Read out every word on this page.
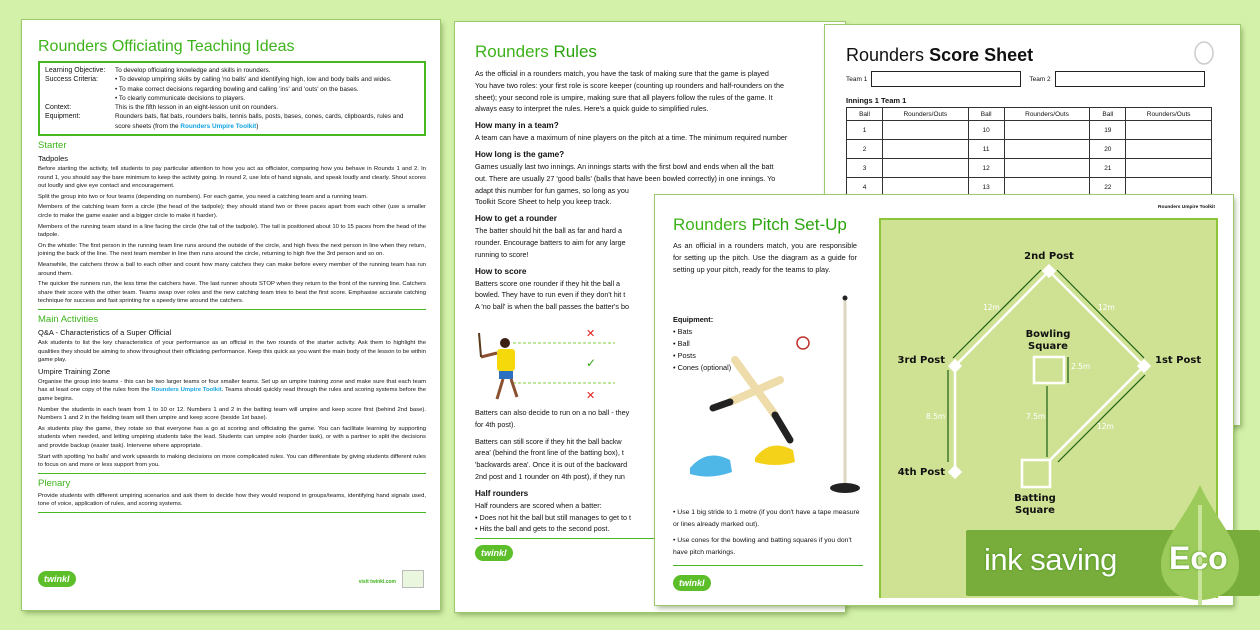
Rounders Officiating Teaching Ideas
Learning Objective:	To develop officiating knowledge and skills in rounders.
Success Criteria:	• To develop umpiring skills by calling 'no balls' and identifying high, low and body balls and wides.
• To make correct decisions regarding bowling and calling 'ins' and 'outs' on the bases.
• To clearly communicate decisions to players.
Context:	This is the fifth lesson in an eight-lesson unit on rounders.
Equipment:	Rounders bats, flat bats, rounders balls, tennis balls, posts, bases, cones, cards, clipboards, rules and score sheets (from the Rounders Umpire Toolkit)
Starter
Tadpoles

Before starting the activity, tell students to pay particular attention to how you act as officiator, comparing how you behave in Rounds 1 and 2. In round 1, you should say the bare minimum to keep the activity going. In round 2, use lots of hand signals, and speak loudly and clearly. Shout scores out loudly and give eye contact and encouragement.

Split the group into two or four teams (depending on numbers). For each game, you need a catching team and a running team.

Members of the catching team form a circle (the head of the tadpole); they should stand two or three paces apart from each other (use a smaller circle to make the game easier and a bigger circle to make it harder).

Members of the running team stand in a line facing the circle (the tail of the tadpole). The tail is positioned about 10 to 15 paces from the head of the tadpole.

On the whistle: The first person in the running team line runs around the outside of the circle, and high fives the next person in line when they return, joining the back of the line. The next team member in line then runs around the circle, returning to high five the 3rd person and so on.

Meanwhile, the catchers throw a ball to each other and count how many catches they can make before every member of the running team has run around them.

The quicker the runners run, the less time the catchers have. The last runner shouts STOP when they return to the front of the running line. Catchers share their score with the other team. Teams swap over roles and the new catching team tries to beat the first score. Emphasise accurate catching technique for success and fast sprinting for a speedy time around the catchers.

Main Activities
Q&A - Characteristics of a Super Official

Ask students to list the key characteristics of your performance as an official in the two rounds of the starter activity. Ask them to highlight the qualities they should be aiming to show throughout their officiating performance. Keep this quick as you want the main body of the lesson to be within game play.

Umpire Training Zone

Organise the group into teams - this can be two larger teams or four smaller teams. Set up an umpire training zone and make sure that each team has at least one copy of the rules from the Rounders Umpire Toolkit. Teams should quickly read through the rules and scoring systems before the game begins.

Number the students in each team from 1 to 10 or 12. Numbers 1 and 2 in the batting team will umpire and keep score first (behind 2nd base). Numbers 1 and 2 in the fielding team will then umpire and keep score (beside 1st base).

As students play the game, they rotate so that everyone has a go at scoring and officiating the game. You can facilitate learning by supporting students when needed, and letting umpiring students take the lead. Students can umpire solo (harder task), or with a partner to split the decisions and provide backup (easier task). Intervene where appropriate.

Start with spotting 'no balls' and work upwards to making decisions on more complicated rules. You can differentiate by giving students different rules to focus on and more or less support from you.

Plenary

Provide students with different umpiring scenarios and ask them to decide how they would respond in groups/teams, identifying hand signals used, tone of voice, application of rules, and scoring systems.

twinkl	visit twinkl.com
Rounders Rules
As the official in a rounders match, you have the task of making sure that the game is played
You have two roles: your first role is score keeper (counting up rounders and half-rounders on the
sheet); your second role is umpire, making sure that all players follow the rules of the game. It
always easy to interpret the rules. Here's a quick guide to simplified rules.
How many in a team?
A team can have a maximum of nine players on the pitch at a time. The minimum required number
How long is the game?
Games usually last two innings. An innings starts with the first bowl and ends when all the batt
out. There are usually 27 'good balls' (balls that have been bowled correctly) in one innings. Yo
adapt this number for fun games, so long as you
Toolkit Score Sheet to help you keep track.
How to get a rounder
The batter should hit the ball as far and hard a
rounder. Encourage batters to aim for any large
running to score!
How to score
Batters score one rounder if they hit the ball a
bowled. They have to run even if they don't hit t
A 'no ball' is when the ball passes the batter's bo
✕
✓
✕
Batters can also decide to run on a no ball - they
for 4th post).
Batters can still score if they hit the ball backw
area' (behind the front line of the batting box), t
'backwards area'. Once it is out of the backward
2nd post and 1 rounder on 4th post), if they run
Half rounders
Half rounders are scored when a batter:
• Does not hit the ball but still manages to get to t
• Hits the ball and gets to the second post.
twinkl
Rounders Score Sheet
Team 1	Team 2
Innings 1 Team 1
Ball	Rounders/Outs	Ball	Rounders/Outs	Ball	Rounders/Outs
1		10		19	
2		11		20	
3		12		21	
4		13		22	
Rounders Umpire Toolkit
Rounders Pitch Set-Up
As an official in a rounders match, you are responsible for setting up the pitch. Use the diagram as a guide for setting up your pitch, ready for the teams to play.
Equipment:
• Bats
• Ball
• Posts
• Cones (optional)
• Use 1 big stride to 1 metre (if you don't have a tape measure or lines already marked out).
• Use cones for the bowling and batting squares if you don't have pitch markings.
twinkl
2nd Post
3rd Post	1st Post
4th Post
Bowling
Square
Batting
Square
12m	12m
12m
8.5m
2.5m
7.5m
ink saving Eco
